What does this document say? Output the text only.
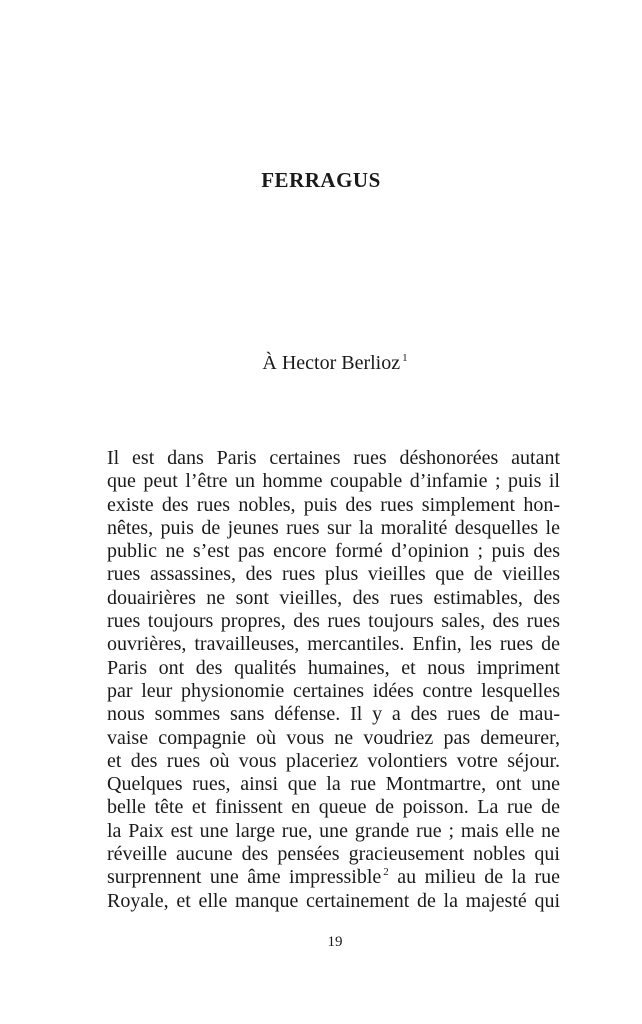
FERRAGUS
À Hector Berlioz $^1$
Il est dans Paris certaines rues déshonorées autant
que peut l’être un homme coupable d’infamie ; puis il
existe des rues nobles, puis des rues simplement hon-
nêtes, puis de jeunes rues sur la moralité desquelles le
public ne s’est pas encore formé d’opinion ; puis des
rues assassines, des rues plus vieilles que de vieilles
douairières ne sont vieilles, des rues estimables, des
rues toujours propres, des rues toujours sales, des rues
ouvrières, travailleuses, mercantiles. Enfin, les rues de
Paris ont des qualités humaines, et nous impriment
par leur physionomie certaines idées contre lesquelles
nous sommes sans défense. Il y a des rues de mau-
vaise compagnie où vous ne voudriez pas demeurer,
et des rues où vous placeriez volontiers votre séjour.
Quelques rues, ainsi que la rue Montmartre, ont une
belle tête et finissent en queue de poisson. La rue de
la Paix est une large rue, une grande rue ; mais elle ne
réveille aucune des pensées gracieusement nobles qui
surprennent une âme impressible $^2$ au milieu de la rue
Royale, et elle manque certainement de la majesté qui
19
